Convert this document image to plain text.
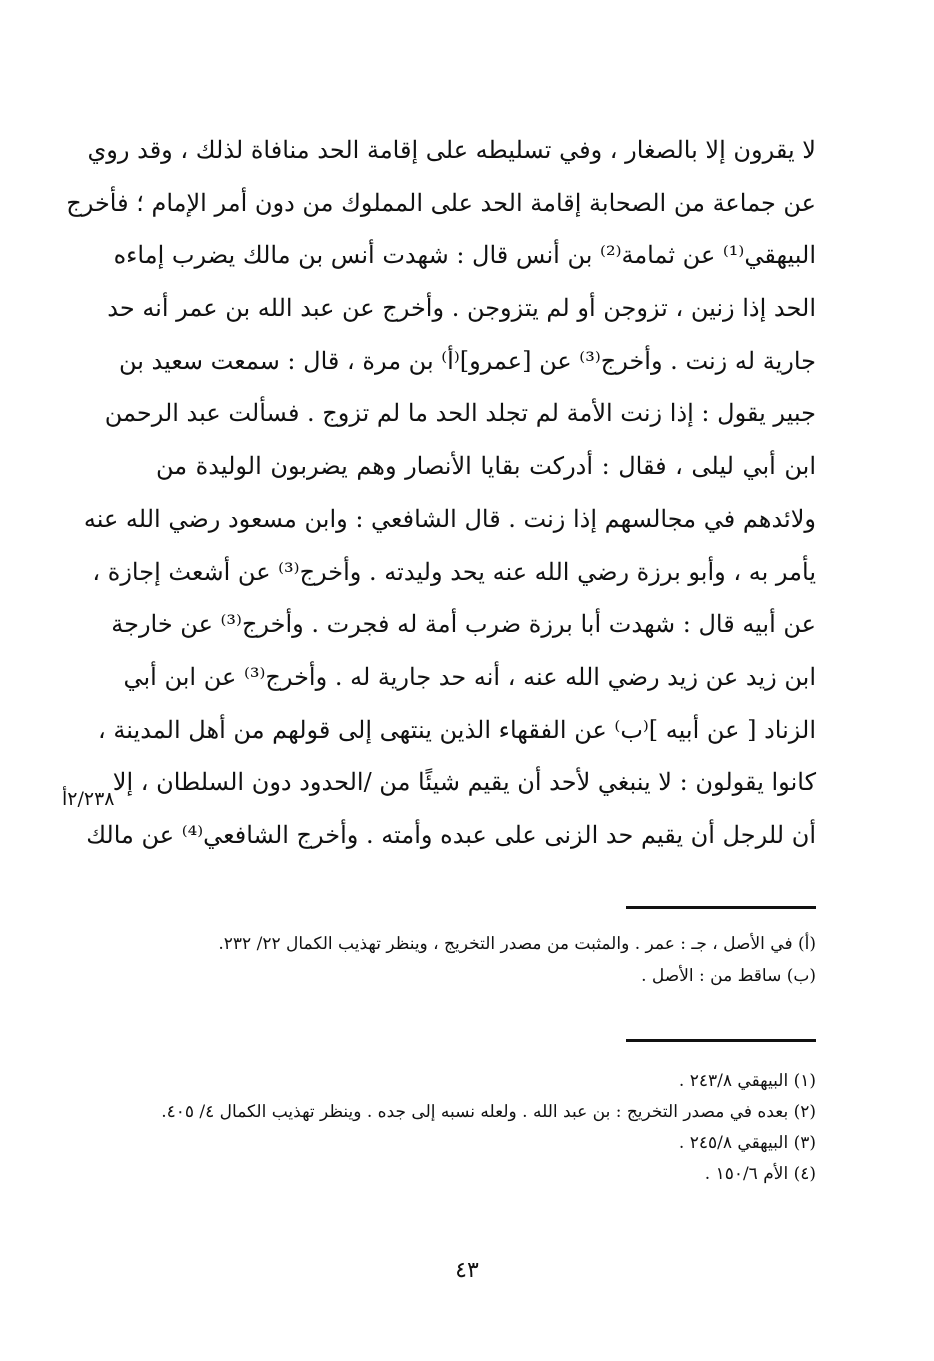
لا يقرون إلا بالصغار ، وفي تسليطه على إقامة الحد منافاة لذلك ، وقد روي
عن جماعة من الصحابة إقامة الحد على المملوك من دون أمر الإمام ؛ فأخرج
البيهقي⁽¹⁾ عن ثمامة⁽²⁾ بن أنس قال : شهدت أنس بن مالك يضرب إماءه
الحد إذا زنين ، تزوجن أو لم يتزوجن . وأخرج عن عبد الله بن عمر أنه حد
جارية له زنت . وأخرج⁽³⁾ عن [عمرو]⁽أ⁾ بن مرة ، قال : سمعت سعيد بن
جبير يقول : إذا زنت الأمة لم تجلد الحد ما لم تزوج . فسألت عبد الرحمن
ابن أبي ليلى ، فقال : أدركت بقايا الأنصار وهم يضربون الوليدة من
ولائدهم في مجالسهم إذا زنت . قال الشافعي : وابن مسعود رضي الله عنه
يأمر به ، وأبو برزة رضي الله عنه يحد وليدته . وأخرج⁽³⁾ عن أشعث إجازة ،
عن أبيه قال : شهدت أبا برزة ضرب أمة له فجرت . وأخرج⁽³⁾ عن خارجة
ابن زيد عن زيد رضي الله عنه ، أنه حد جارية له . وأخرج⁽³⁾ عن ابن أبي
الزناد [ عن أبيه ]⁽ب⁾ عن الفقهاء الذين ينتهى إلى قولهم من أهل المدينة ،
كانوا يقولون : لا ينبغي لأحد أن يقيم شيئًا من /الحدود دون السلطان ، إلا
أن للرجل أن يقيم حد الزنى على عبده وأمته . وأخرج الشافعي⁽⁴⁾ عن مالك
٢/٢٣٨أ
(أ) في الأصل ، جـ : عمر . والمثبت من مصدر التخريج ، وينظر تهذيب الكمال ٢٢/ ٢٣٢.
(ب) ساقط من : الأصل .
(١) البيهقي ٢٤٣/٨ .
(٢) بعده في مصدر التخريج : بن عبد الله . ولعله نسبه إلى جده . وينظر تهذيب الكمال ٤/ ٤٠٥.
(٣) البيهقي ٢٤٥/٨ .
(٤) الأم ١٥٠/٦ .
٤٣
